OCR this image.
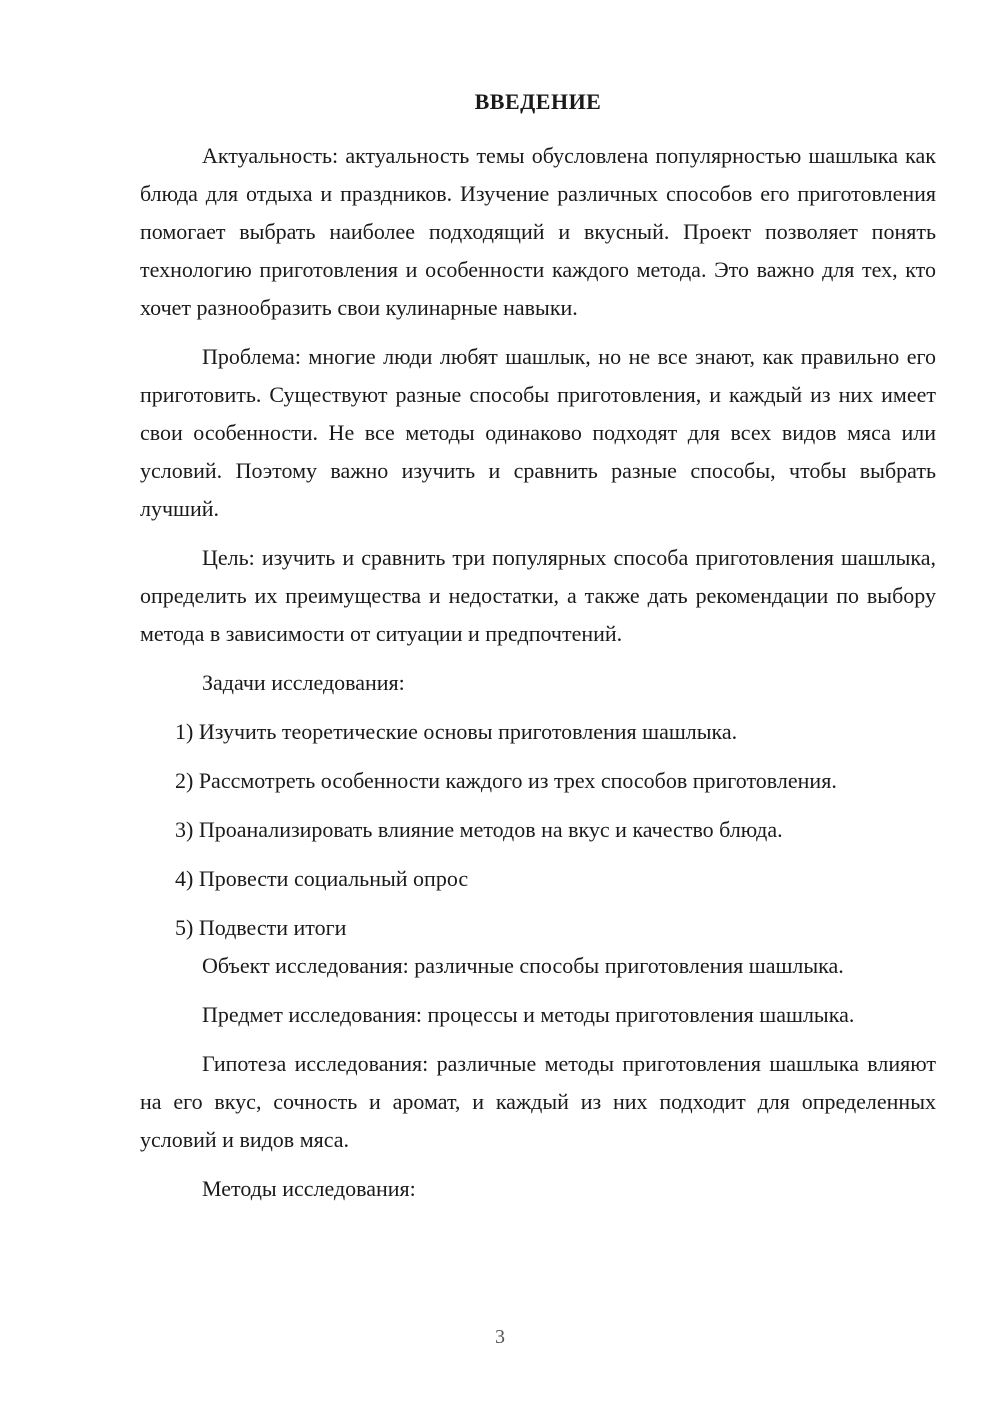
ВВЕДЕНИЕ

Актуальность: актуальность темы обусловлена популярностью шашлыка как блюда для отдыха и праздников. Изучение различных способов его приготовления помогает выбрать наиболее подходящий и вкусный. Проект позволяет понять технологию приготовления и особенности каждого метода. Это важно для тех, кто хочет разнообразить свои кулинарные навыки.

Проблема: многие люди любят шашлык, но не все знают, как правильно его приготовить. Существуют разные способы приготовления, и каждый из них имеет свои особенности. Не все методы одинаково подходят для всех видов мяса или условий. Поэтому важно изучить и сравнить разные способы, чтобы выбрать лучший.

Цель: изучить и сравнить три популярных способа приготовления шашлыка, определить их преимущества и недостатки, а также дать рекомендации по выбору метода в зависимости от ситуации и предпочтений.

Задачи исследования:

1) Изучить теоретические основы приготовления шашлыка.
2) Рассмотреть особенности каждого из трех способов приготовления.
3) Проанализировать влияние методов на вкус и качество блюда.
4) Провести социальный опрос
5) Подвести итоги

Объект исследования: различные способы приготовления шашлыка.

Предмет исследования: процессы и методы приготовления шашлыка.

Гипотеза исследования: различные методы приготовления шашлыка влияют на его вкус, сочность и аромат, и каждый из них подходит для определенных условий и видов мяса.

Методы исследования:

3
